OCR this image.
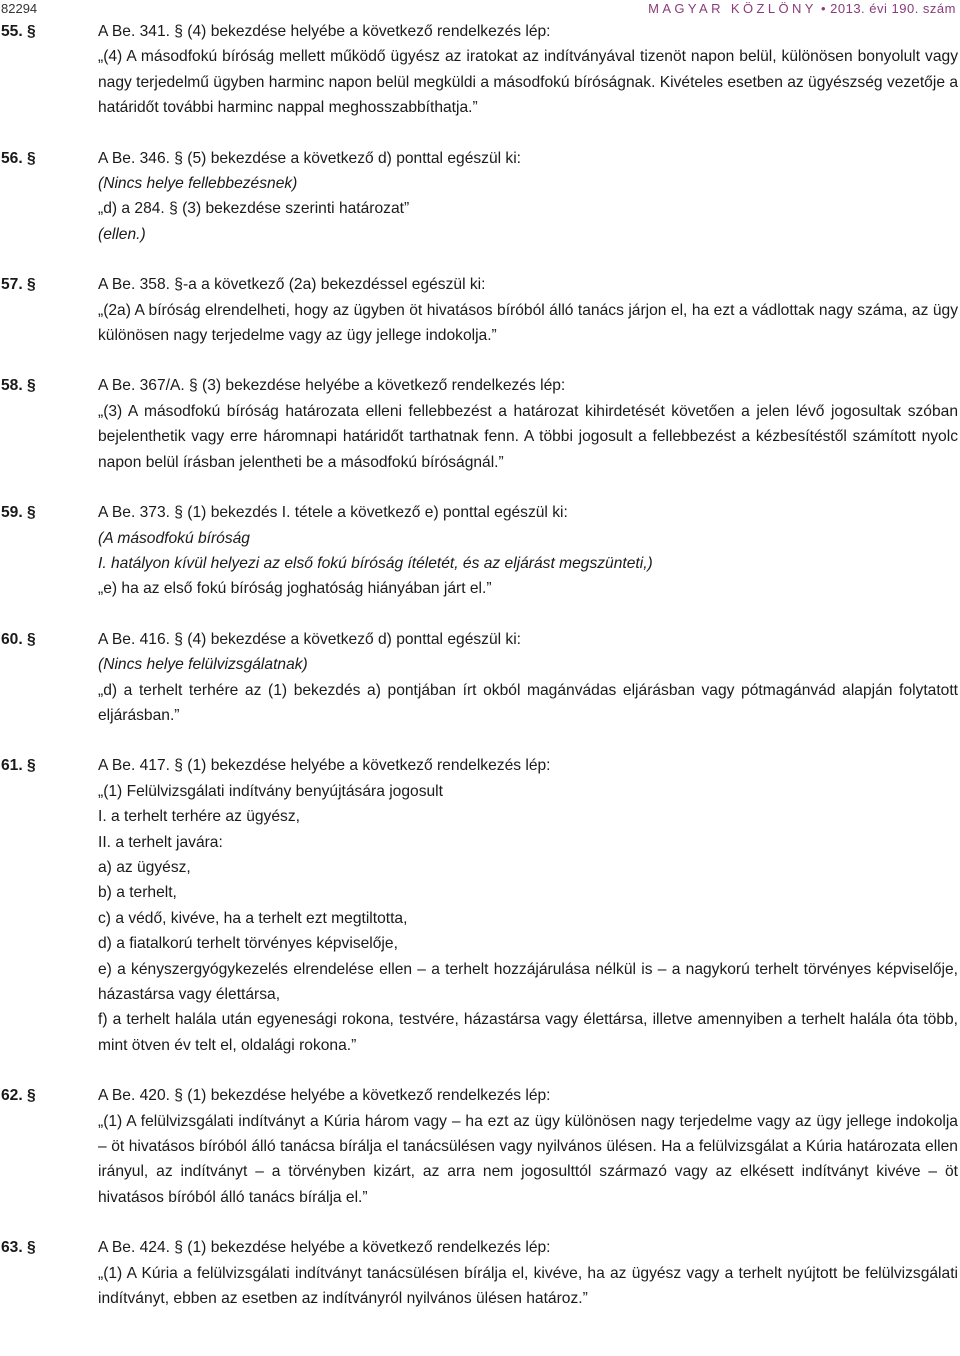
82294	MAGYAR KÖZLÖNY • 2013. évi 190. szám
55. §	A Be. 341. § (4) bekezdése helyébe a következő rendelkezés lép:
„(4) A másodfokú bíróság mellett működő ügyész az iratokat az indítványával tizenöt napon belül, különösen bonyolult vagy nagy terjedelmű ügyben harminc napon belül megküldi a másodfokú bíróságnak. Kivételes esetben az ügyészség vezetője a határidőt további harminc nappal meghosszabbíthatja.”
56. §	A Be. 346. § (5) bekezdése a következő d) ponttal egészül ki:
(Nincs helye fellebbezésnek)
„d) a 284. § (3) bekezdése szerinti határozat”
(ellen.)
57. §	A Be. 358. §-a a következő (2a) bekezdéssel egészül ki:
„(2a) A bíróság elrendelheti, hogy az ügyben öt hivatásos bíróból álló tanács járjon el, ha ezt a vádlottak nagy száma, az ügy különösen nagy terjedelme vagy az ügy jellege indokolja.”
58. §	A Be. 367/A. § (3) bekezdése helyébe a következő rendelkezés lép:
„(3) A másodfokú bíróság határozata elleni fellebbezést a határozat kihirdetését követően a jelen lévő jogosultak szóban bejelenthetik vagy erre háromnapi határidőt tarthatnak fenn. A többi jogosult a fellebbezést a kézbesítéstől számított nyolc napon belül írásban jelentheti be a másodfokú bíróságnál.”
59. §	A Be. 373. § (1) bekezdés I. tétele a következő e) ponttal egészül ki:
(A másodfokú bíróság
I. hatályon kívül helyezi az első fokú bíróság ítéletét, és az eljárást megszünteti,)
„e) ha az első fokú bíróság joghatóság hiányában járt el.”
60. §	A Be. 416. § (4) bekezdése a következő d) ponttal egészül ki:
(Nincs helye felülvizsgálatnak)
„d) a terhelt terhére az (1) bekezdés a) pontjában írt okból magánvádas eljárásban vagy pótmagánvád alapján folytatott eljárásban.”
61. §	A Be. 417. § (1) bekezdése helyébe a következő rendelkezés lép:
„(1) Felülvizsgálati indítvány benyújtására jogosult
I. a terhelt terhére az ügyész,
II. a terhelt javára:
a) az ügyész,
b) a terhelt,
c) a védő, kivéve, ha a terhelt ezt megtiltotta,
d) a fiatalkorú terhelt törvényes képviselője,
e) a kényszergyógykezelés elrendelése ellen – a terhelt hozzájárulása nélkül is – a nagykorú terhelt törvényes képviselője, házastársa vagy élettársa,
f) a terhelt halála után egyenesági rokona, testvére, házastársa vagy élettársa, illetve amennyiben a terhelt halála óta több, mint ötven év telt el, oldalági rokona.”
62. §	A Be. 420. § (1) bekezdése helyébe a következő rendelkezés lép:
„(1) A felülvizsgálati indítványt a Kúria három vagy – ha ezt az ügy különösen nagy terjedelme vagy az ügy jellege indokolja – öt hivatásos bíróból álló tanácsa bírálja el tanácsülésen vagy nyilvános ülésen. Ha a felülvizsgálat a Kúria határozata ellen irányul, az indítványt – a törvényben kizárt, az arra nem jogosulttól származó vagy az elkésett indítványt kivéve – öt hivatásos bíróból álló tanács bírálja el.”
63. §	A Be. 424. § (1) bekezdése helyébe a következő rendelkezés lép:
„(1) A Kúria a felülvizsgálati indítványt tanácsülésen bírálja el, kivéve, ha az ügyész vagy a terhelt nyújtott be felülvizsgálati indítványt, ebben az esetben az indítványról nyilvános ülésen határoz.”
